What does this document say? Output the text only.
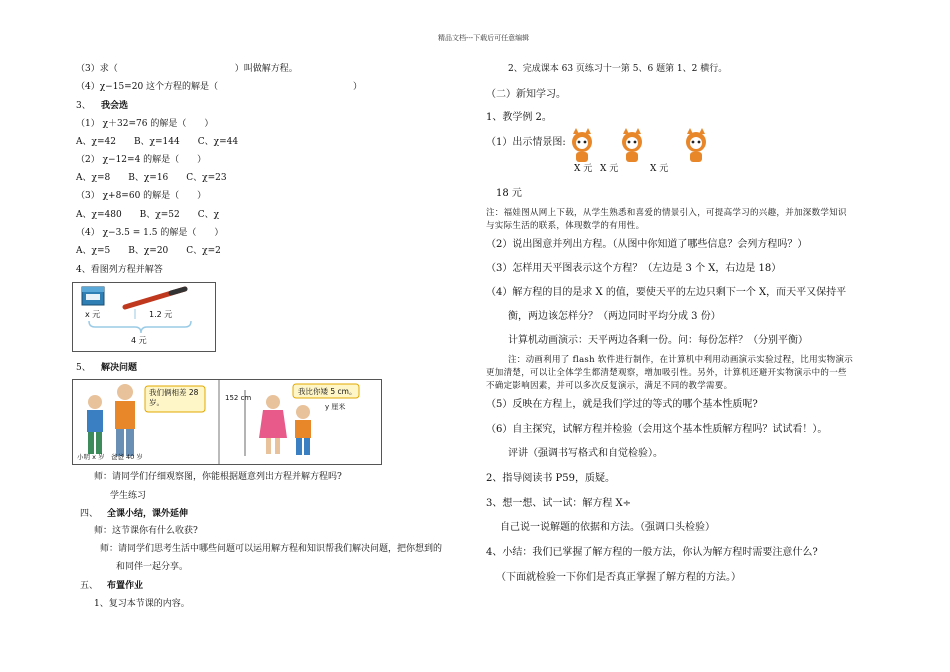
精品文档---下载后可任意编辑
（3）求（　　　　　　　　　　　　　）叫做解方程。
（4）χ−15=20 这个方程的解是（　　　　　　　　　　　　　　　）
3、 我会选
（1） χ＋32=76 的解是（　　）
A、χ=42　　B、χ=144　　C、χ=44
（2） χ−12=4 的解是（　　）
A、χ=8　　B、χ=16　　C、χ=23
（3） χ+8=60 的解是（　　）
A、χ=480　　B、χ=52　　C、χ
（4） χ−3.5 = 1.5 的解是（　　）
A、χ=5　　B、χ=20　　C、χ=2
4、看图列方程并解答
x 元	1.2 元
4 元
5、 解决问题
我们俩相差 28 岁。
小明 x 岁　爸爸 40 岁
我比你矮 5 cm。
152 cm
y 厘米
师：请同学们仔细观察图，你能根据题意列出方程并解方程吗?
学生练习
四、 全课小结，课外延伸
师：这节课你有什么收获?
师：请同学们思考生活中哪些问题可以运用解方程和知识帮我们解决问题，把你想到的
和同伴一起分享。
五、 布置作业
1、复习本节课的内容。
2、完成课本 63 页练习十一第 5、6 题第 1、2 横行。
（二）新知学习。
1、教学例 2。
（1）出示情景图:
X 元 X 元	X 元
18 元
注：福娃图从网上下载，从学生熟悉和喜爱的情景引入，可提高学习的兴趣，并加深数学知识
与实际生活的联系，体现数学的有用性。
（2）说出图意并列出方程。（从图中你知道了哪些信息？会列方程吗？）
（3）怎样用天平图表示这个方程？（左边是 3 个 X，右边是 18）
（4）解方程的目的是求 X 的值，要使天平的左边只剩下一个 X，而天平又保持平
衡，两边该怎样分？（两边同时平均分成 3 份）
计算机动画演示：天平两边各剩一份。问：每份怎样？（分别平衡）
注：动画利用了 flash 软件进行制作，在计算机中利用动画演示实验过程，比用实物演示
更加清楚，可以让全体学生都清楚观察，增加吸引性。另外，计算机还避开实物演示中的一些
不确定影响因素，并可以多次反复演示，满足不同的教学需要。
（5）反映在方程上，就是我们学过的等式的哪个基本性质呢?
（6）自主探究，试解方程并检验（会用这个基本性质解方程吗？试试看！）。
评讲（强调书写格式和自觉检验）。
2、指导阅读书 P59，质疑。
3、想一想、试一试：解方程 X÷
自己说一说解题的依据和方法。（强调口头检验）
4、小结：我们已掌握了解方程的一般方法，你认为解方程时需要注意什么?
（下面就检验一下你们是否真正掌握了解方程的方法。）
